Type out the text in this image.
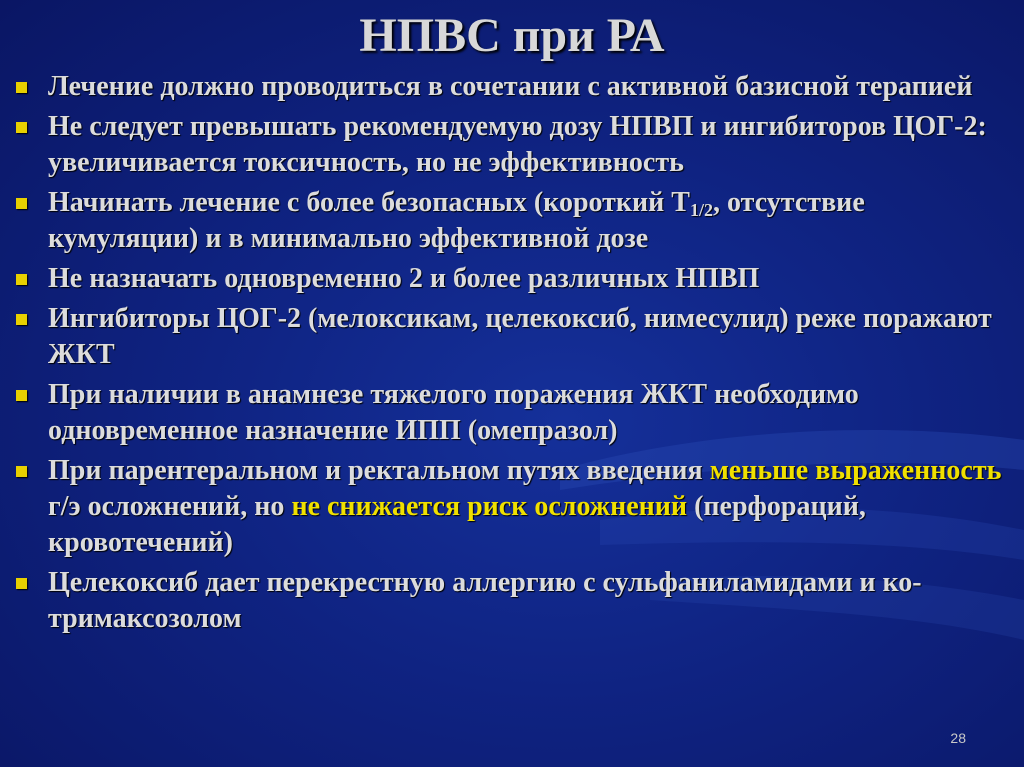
НПВС при РА
Лечение должно проводиться в сочетании с активной базисной терапией
Не следует превышать рекомендуемую дозу НПВП и ингибиторов ЦОГ-2: увеличивается токсичность, но не эффективность
Начинать лечение с более безопасных (короткий $Т_{1/2}$, отсутствие кумуляции) и в минимально эффективной дозе
Не назначать одновременно 2 и более различных НПВП
Ингибиторы ЦОГ-2 (мелоксикам, целекоксиб, нимесулид) реже поражают ЖКТ
При наличии в анамнезе тяжелого поражения ЖКТ необходимо одновременное назначение ИПП (омепразол)
При парентеральном и ректальном путях введения меньше выраженность г/э осложнений, но не снижается риск осложнений (перфораций, кровотечений)
Целекоксиб дает перекрестную аллергию с сульфаниламидами и ко-тримаксозолом
28
